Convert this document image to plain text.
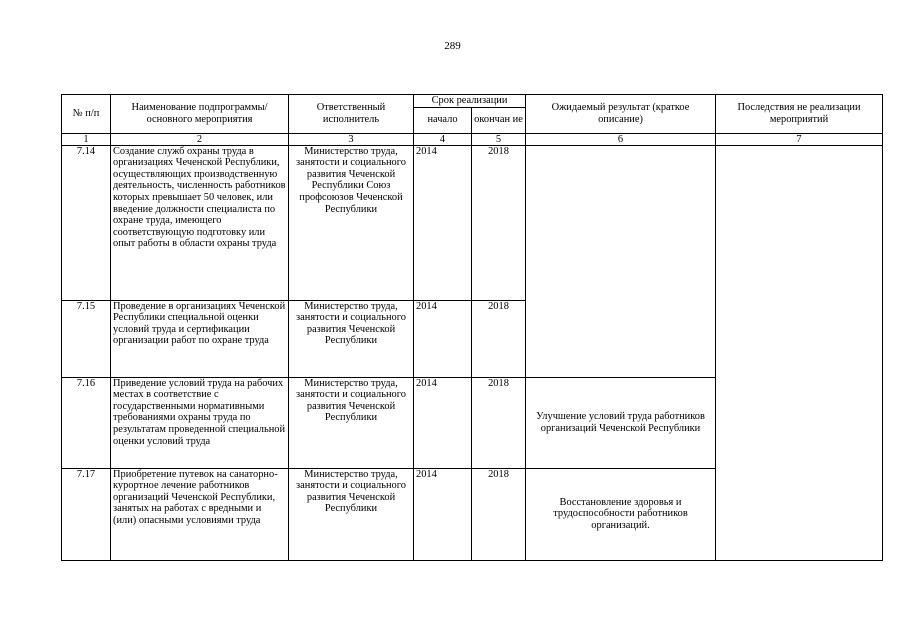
289
№ п/п	Наименование подпрограммы/ основного мероприятия	Ответственный исполнитель	Срок реализации		Ожидаемый результат (краткое описание)	Последствия не реализации мероприятий
			начало	окончан ие		
1	2	3	4	5	6	7
7.14	Создание служб охраны труда в организациях Чеченской Республики, осуществляющих производственную деятельность, численность работников которых превышает 50 человек, или введение должности специалиста по охране труда, имеющего соответствующую подготовку или опыт работы в области охраны труда	Министерство труда, занятости и социального развития Чеченской Республики Союз профсоюзов Чеченской Республики	2014	2018		
7.15	Проведение в организациях Чеченской Республики специальной оценки условий труда и сертификации организации работ по охране труда	Министерство труда, занятости и социального развития Чеченской Республики	2014	2018		
7.16	Приведение условий труда на рабочих местах в соответствие с государственными нормативными требованиями охраны труда по результатам проведенной специальной оценки условий труда	Министерство труда, занятости и социального развития Чеченской Республики	2014	2018	Улучшение условий труда работников организаций Чеченской Республики	
7.17	Приобретение путевок на санаторно-курортное лечение работников организаций Чеченской Республики, занятых на работах с вредными и (или) опасными условиями труда	Министерство труда, занятости и социального развития Чеченской Республики	2014	2018	Восстановление здоровья и трудоспособности работников организаций.	
